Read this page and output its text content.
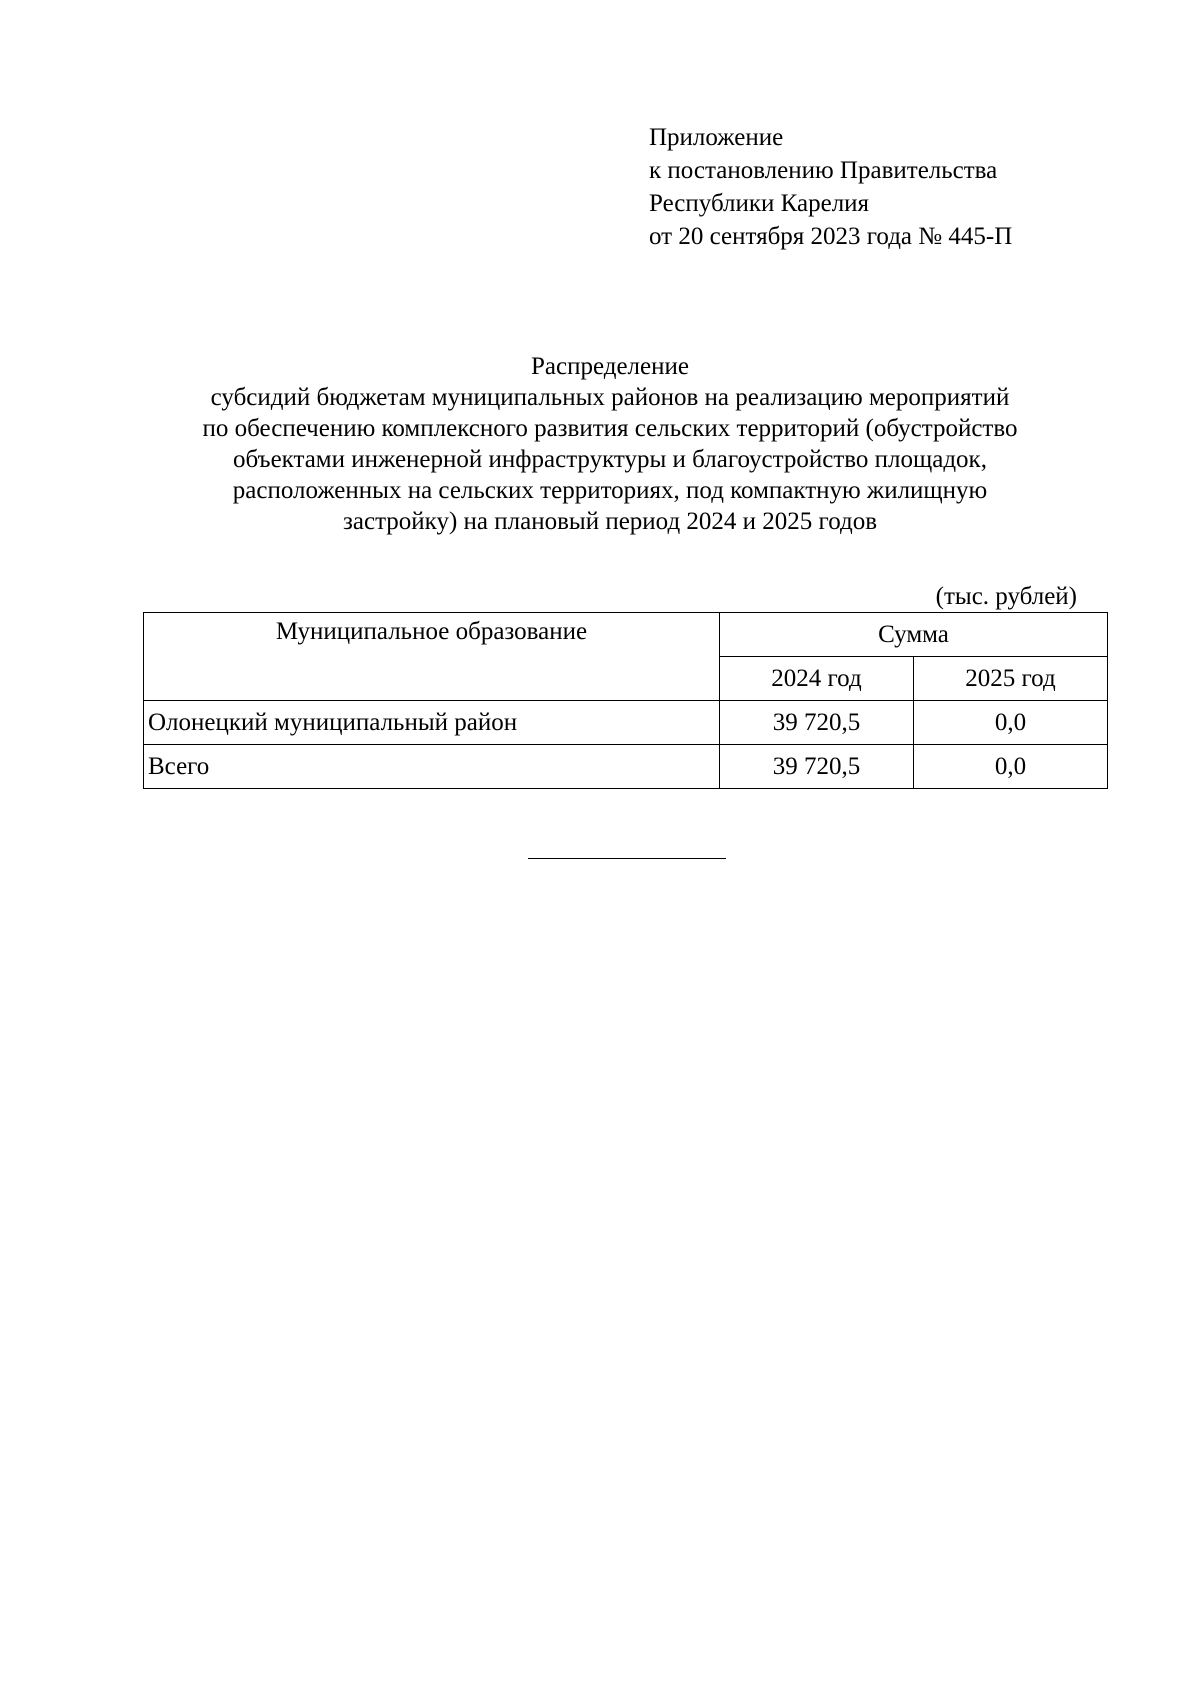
Приложение
к постановлению Правительства
Республики Карелия
от 20 сентября 2023 года № 445-П
Распределение
субсидий бюджетам муниципальных районов на реализацию мероприятий
по обеспечению комплексного развития сельских территорий (обустройство
объектами инженерной инфраструктуры и благоустройство площадок,
расположенных на сельских территориях, под компактную жилищную
застройку) на плановый период 2024 и 2025 годов
(тыс. рублей)
Муниципальное образование	Сумма	
	2024 год	2025 год
Олонецкий муниципальный район	39 720,5	0,0
Всего	39 720,5	0,0
